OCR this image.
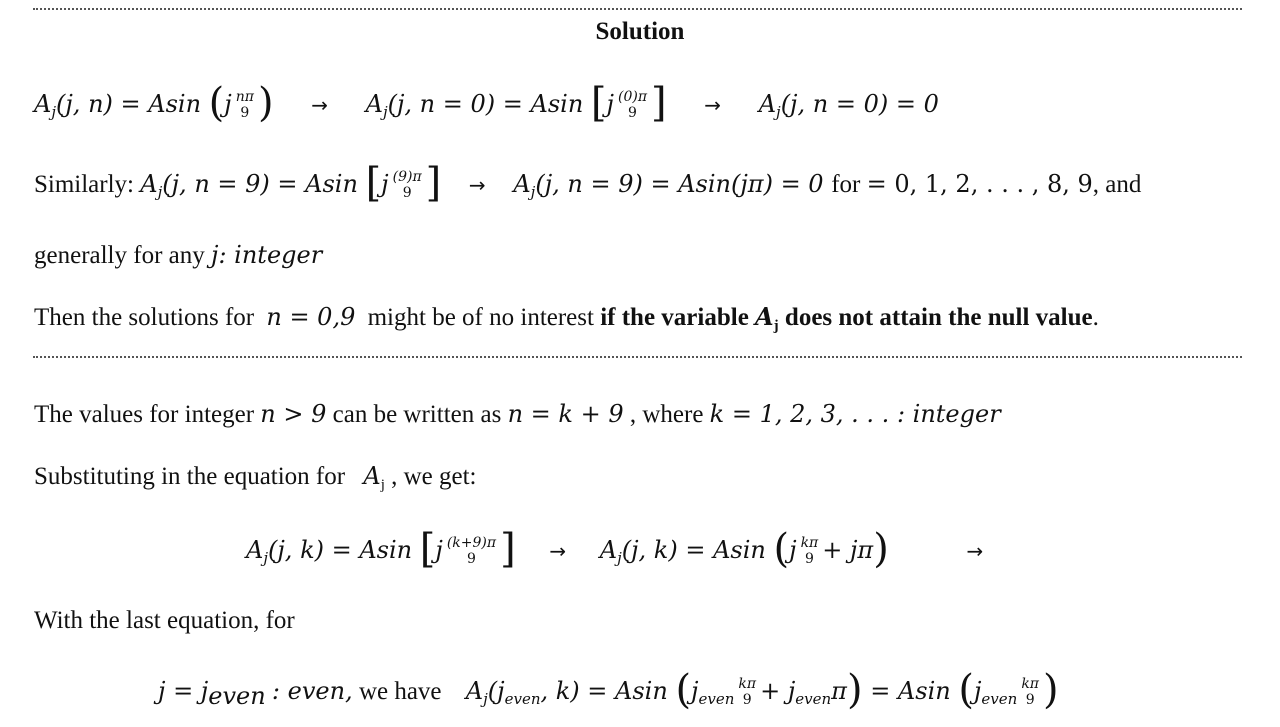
Solution
$A_j(j$, n) = Asin (j nπ
9 ) → $A_j(j$, n = 0) = Asin [j (0)π
9 ] → $A_j(j$, n = 0) = 0
Similarly: $A_j(j$, n = 9) = Asin [j (9)π
9 ] → $A_j(j$, n = 9) = Asin(jπ) = 0 for = 0, 1, 2, . . . , 8, 9, and
generally for any j: integer
Then the solutions for n = 0,9 might be of no interest if the variable $A_j$ does not attain the null value.
The values for integer n > 9 can be written as n = k + 9 , where k = 1, 2, 3, . . . : integer
Substituting in the equation for $A_j$ , we get:
$A_j(j$, k) = Asin [j (k+9)π
9 ] → $A_j(j$, k) = Asin (j kπ
9 + jπ)	→
With the last equation, for
$j = j_{even}$ : even, we have $A_j(j_{even}$, k) = Asin ($j_{even}$
kπ
$9 + j_{even}\pi) = Asin$ ($j_{even}$
kπ
9 )
